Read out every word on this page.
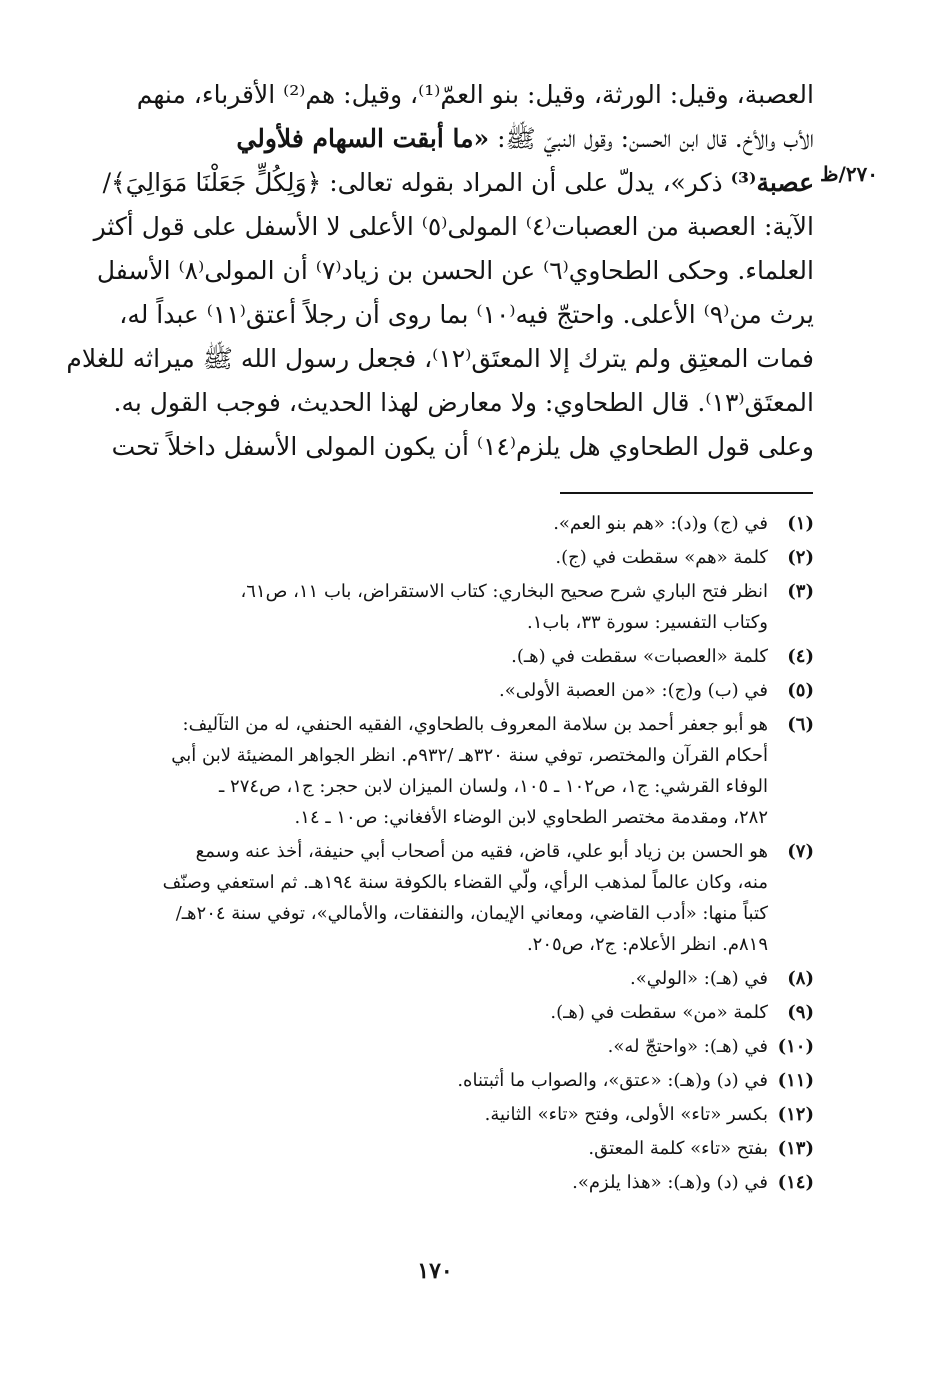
العصبة، وقيل: الورثة، وقيل: بنو العمّ⁽¹⁾، وقيل: هم⁽²⁾ الأقرباء، منهم
الأب والأخ. قال ابن الحسن: وقول النبيّ ﷺ: «ما أبقت السهام فلأولي
عصبة⁽³⁾ ذكر»، يدلّ على أن المراد بقوله تعالى: ﴿وَلِكُلٍّ جَعَلْنَا مَوَالِيَ﴾/
الآية: العصبة من العصبات⁽٤⁾ المولى⁽٥⁾ الأعلى لا الأسفل على قول أكثر
العلماء. وحكى الطحاوي⁽٦⁾ عن الحسن بن زياد⁽٧⁾ أن المولى⁽٨⁾ الأسفل
يرث من⁽٩⁾ الأعلى. واحتجّ فيه⁽١٠⁾ بما روى أن رجلاً أعتق⁽١١⁾ عبداً له،
فمات المعتِق ولم يترك إلا المعتَق⁽١٢⁾، فجعل رسول الله ﷺ ميراثه للغلام
المعتَق⁽١٣⁾. قال الطحاوي: ولا معارض لهذا الحديث، فوجب القول به.
وعلى قول الطحاوي هل يلزم⁽١٤⁾ أن يكون المولى الأسفل داخلاً تحت
٢٧٠/ظ
(١)
في (ج) و(د): «هم بنو العم».
(٢)
كلمة «هم» سقطت في (ج).
(٣)
انظر فتح الباري شرح صحيح البخاري: كتاب الاستقراض، باب ١١، ص٦١،
وكتاب التفسير: سورة ٣٣، باب١.
(٤)
كلمة «العصبات» سقطت في (هـ).
(٥)
في (ب) و(ج): «من العصبة الأولى».
(٦)
هو أبو جعفر أحمد بن سلامة المعروف بالطحاوي، الفقيه الحنفي، له من التآليف:
أحكام القرآن والمختصر، توفي سنة ٣٢٠هـ /٩٣٢م. انظر الجواهر المضيئة لابن أبي
الوفاء القرشي: ج١، ص١٠٢ ـ ١٠٥، ولسان الميزان لابن حجر: ج١، ص٢٧٤ ـ
٢٨٢، ومقدمة مختصر الطحاوي لابن الوضاء الأفغاني: ص١٠ ـ ١٤.
(٧)
هو الحسن بن زياد أبو علي، قاض، فقيه من أصحاب أبي حنيفة، أخذ عنه وسمع
منه، وكان عالماً لمذهب الرأي، ولّي القضاء بالكوفة سنة ١٩٤هـ. ثم استعفي وصنّف
كتباً منها: «أدب القاضي، ومعاني الإيمان، والنفقات، والأمالي»، توفي سنة ٢٠٤هـ/
٨١٩م. انظر الأعلام: ج٢، ص٢٠٥.
(٨)
في (هـ): «الولي».
(٩)
كلمة «من» سقطت في (هـ).
(١٠)
في (هـ): «واحتجّ له».
(١١)
في (د) و(هـ): «عتق»، والصواب ما أثبتناه.
(١٢)
بكسر «تاء» الأولى، وفتح «تاء» الثانية.
(١٣)
بفتح «تاء» كلمة المعتق.
(١٤)
في (د) و(هـ): «هذا يلزم».
١٧٠
